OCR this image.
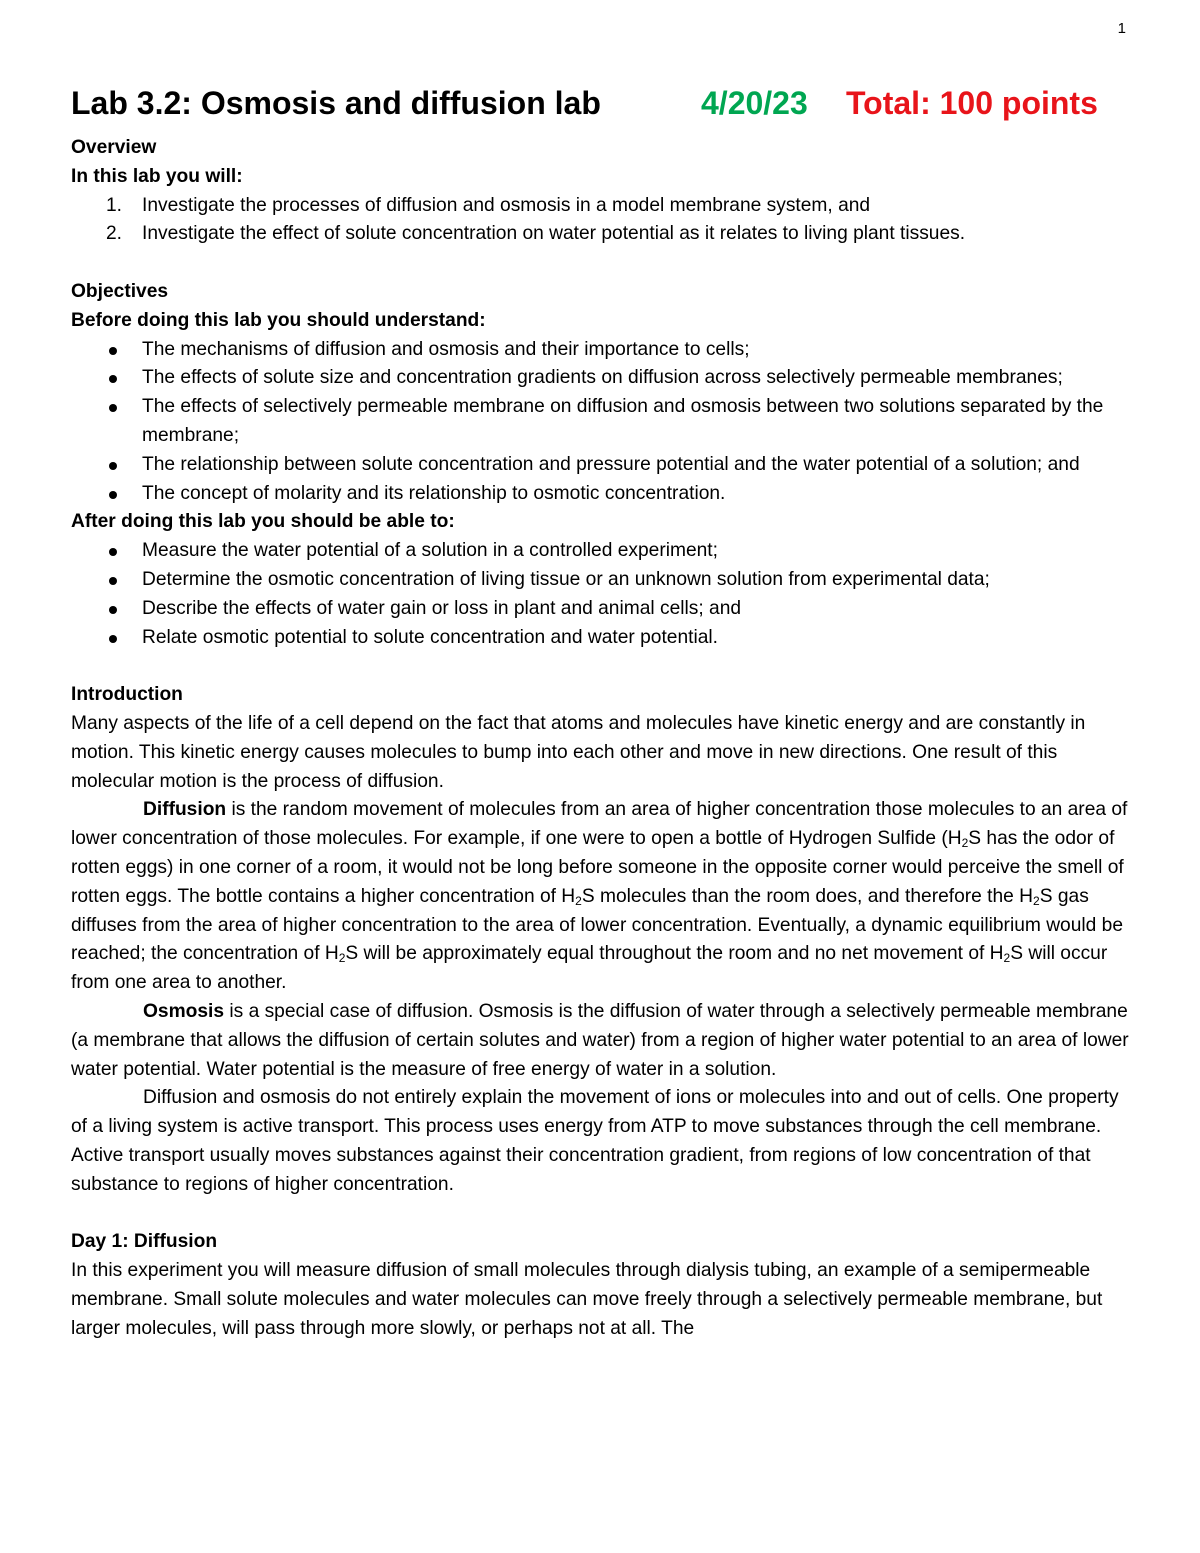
1
Lab 3.2: Osmosis and diffusion lab	4/20/23 Total: 100 points

Overview

In this lab you will:

1. Investigate the processes of diffusion and osmosis in a model membrane system, and
2. Investigate the effect of solute concentration on water potential as it relates to living plant tissues.

Objectives

Before doing this lab you should understand:

The mechanisms of diffusion and osmosis and their importance to cells;
The effects of solute size and concentration gradients on diffusion across selectively permeable membranes;
The effects of selectively permeable membrane on diffusion and osmosis between two solutions separated by the membrane;
The relationship between solute concentration and pressure potential and the water potential of a solution; and
The concept of molarity and its relationship to osmotic concentration.

After doing this lab you should be able to:

Measure the water potential of a solution in a controlled experiment;
Determine the osmotic concentration of living tissue or an unknown solution from experimental data;
Describe the effects of water gain or loss in plant and animal cells; and
Relate osmotic potential to solute concentration and water potential.

Introduction

Many aspects of the life of a cell depend on the fact that atoms and molecules have kinetic energy and are constantly in motion. This kinetic energy causes molecules to bump into each other and move in new directions. One result of this molecular motion is the process of diffusion.

Diffusion is the random movement of molecules from an area of higher concentration those molecules to an area of lower concentration of those molecules. For example, if one were to open a bottle of Hydrogen Sulfide ($H_2S$ has the odor of rotten eggs) in one corner of a room, it would not be long before someone in the opposite corner would perceive the smell of rotten eggs. The bottle contains a higher concentration of $H_2S$ molecules than the room does, and therefore the $H_2S$ gas diffuses from the area of higher concentration to the area of lower concentration. Eventually, a dynamic equilibrium would be reached; the concentration of $H_2S$ will be approximately equal throughout the room and no net movement of $H_2S$ will occur from one area to another.

Osmosis is a special case of diffusion. Osmosis is the diffusion of water through a selectively permeable membrane (a membrane that allows the diffusion of certain solutes and water) from a region of higher water potential to an area of lower water potential. Water potential is the measure of free energy of water in a solution.

Diffusion and osmosis do not entirely explain the movement of ions or molecules into and out of cells. One property of a living system is active transport. This process uses energy from ATP to move substances through the cell membrane. Active transport usually moves substances against their concentration gradient, from regions of low concentration of that substance to regions of higher concentration.

Day 1: Diffusion

In this experiment you will measure diffusion of small molecules through dialysis tubing, an example of a semipermeable membrane. Small solute molecules and water molecules can move freely through a selectively permeable membrane, but larger molecules, will pass through more slowly, or perhaps not at all. The
